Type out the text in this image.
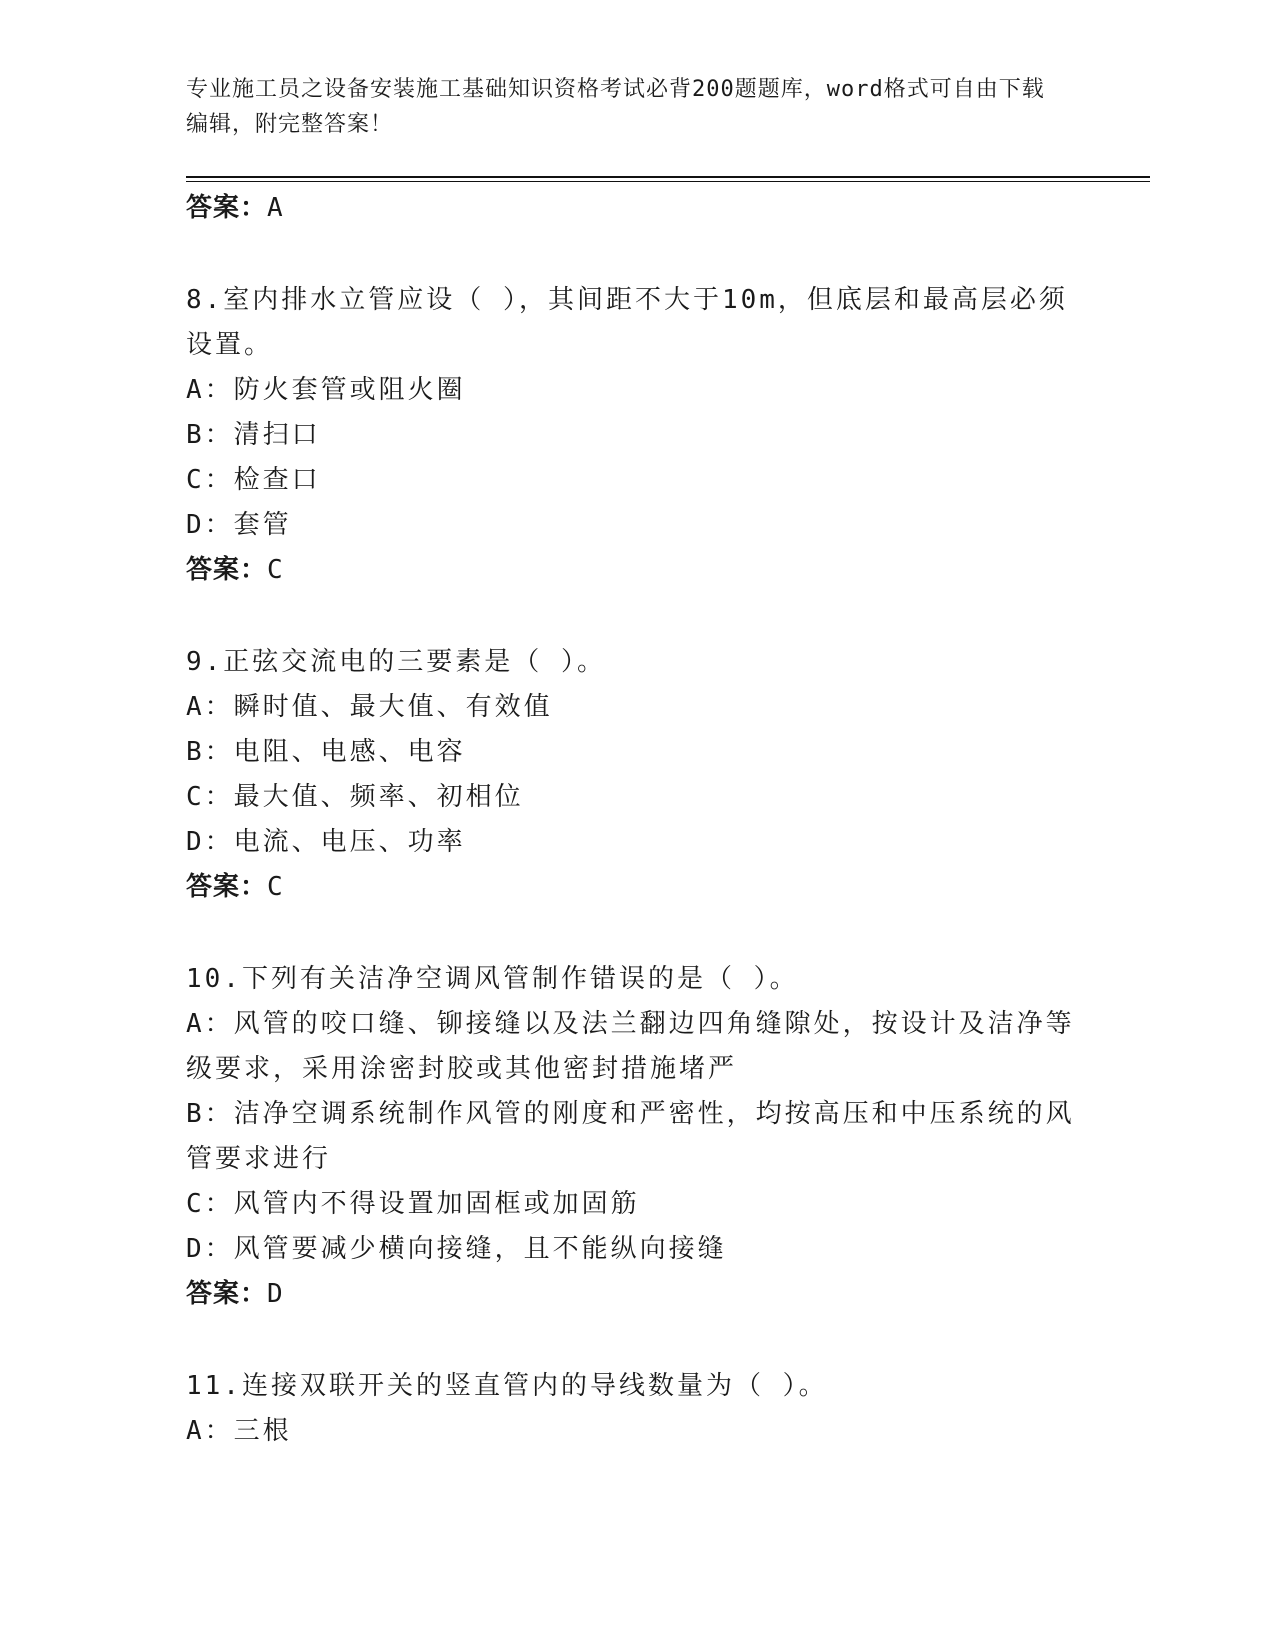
专业施工员之设备安装施工基础知识资格考试必背200题题库，word格式可自由下载编辑，附完整答案！
答案：A
8.室内排水立管应设（ ），其间距不大于10m，但底层和最高层必须设置。
A：防火套管或阻火圈
B：清扫口
C：检查口
D：套管
答案：C
9.正弦交流电的三要素是（ ）。
A：瞬时值、最大值、有效值
B：电阻、电感、电容
C：最大值、频率、初相位
D：电流、电压、功率
答案：C
10.下列有关洁净空调风管制作错误的是（ ）。
A：风管的咬口缝、铆接缝以及法兰翻边四角缝隙处，按设计及洁净等级要求，采用涂密封胶或其他密封措施堵严
B：洁净空调系统制作风管的刚度和严密性，均按高压和中压系统的风管要求进行
C：风管内不得设置加固框或加固筋
D：风管要减少横向接缝，且不能纵向接缝
答案：D
11.连接双联开关的竖直管内的导线数量为（ ）。
A：三根
